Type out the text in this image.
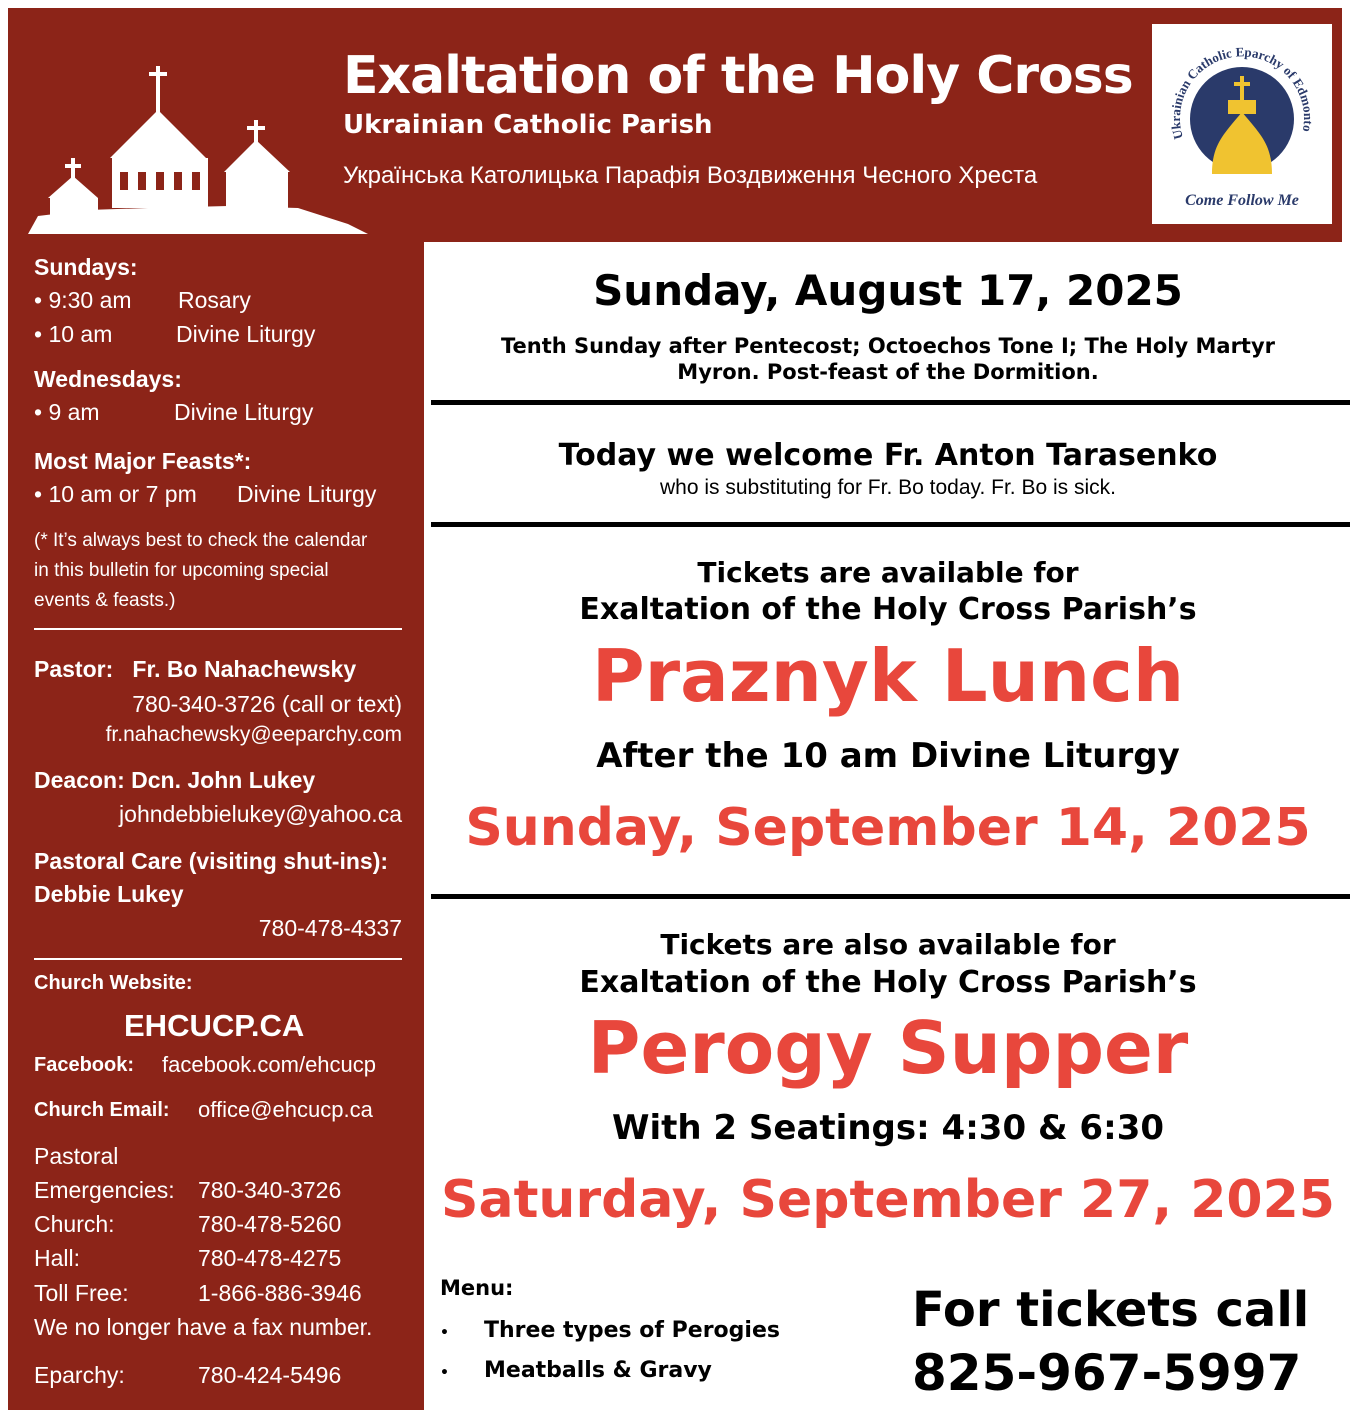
Exaltation of the Holy Cross
Ukrainian Catholic Parish
Українська Католицька Парафія Воздвиження Чесного Хреста
Ukrainian Catholic Eparchy of Edmonto
Come Follow Me
Sundays:
• 9:30 am Rosary
• 10 am	Divine Liturgy
Wednesdays:
• 9 am	Divine Liturgy
Most Major Feasts*:
• 10 am or 7 pm Divine Liturgy
(* It’s always best to check the calendar
in this bulletin for upcoming special
events & feasts.)
Pastor: Fr. Bo Nahachewsky
780-340-3726 (call or text)
fr.nahachewsky@eeparchy.com
Deacon: Dcn. John Lukey
johndebbielukey@yahoo.ca
Pastoral Care (visiting shut-ins):
Debbie Lukey
780-478-4337
Church Website:
EHCUCP.CA
Facebook: facebook.com/ehcucp
Church Email: office@ehcucp.ca
Pastoral
Emergencies: 780-340-3726
Church:	780-478-5260
Hall:	780-478-4275
Toll Free:	1-866-886-3946
We no longer have a fax number.
Eparchy:	780-424-5496
Sunday, August 17, 2025
Tenth Sunday after Pentecost; Octoechos Tone I; The Holy Martyr
Myron. Post-feast of the Dormition.
Today we welcome Fr. Anton Tarasenko
who is substituting for Fr. Bo today. Fr. Bo is sick.
Tickets are available for
Exaltation of the Holy Cross Parish’s
Praznyk Lunch
After the 10 am Divine Liturgy
Sunday, September 14, 2025
Tickets are also available for
Exaltation of the Holy Cross Parish’s
Perogy Supper
With 2 Seatings: 4:30 & 6:30
Saturday, September 27, 2025
Menu:
• Three types of Perogies
• Meatballs & Gravy
For tickets call
825-967-5997
